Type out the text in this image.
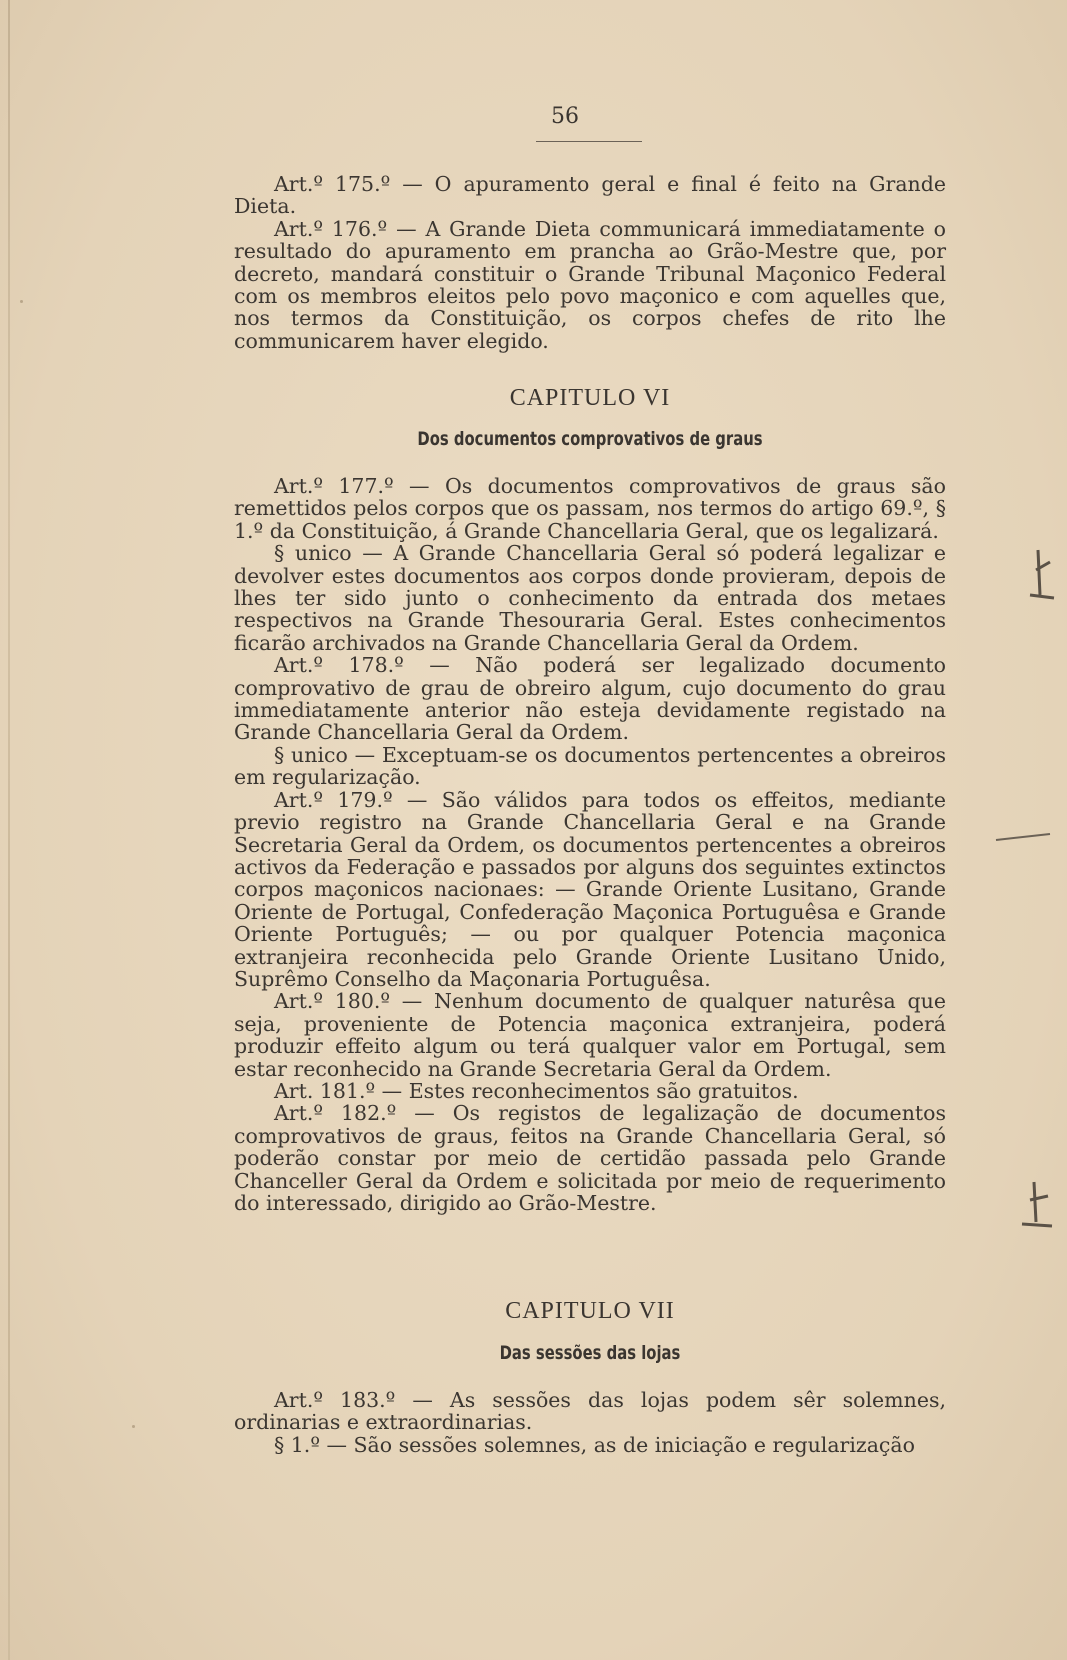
56

Art.º 175.º — O apuramento geral e final é feito na Grande Dieta.

Art.º 176.º — A Grande Dieta communicará immediatamente o resultado do apuramento em prancha ao Grão-Mestre que, por decreto, mandará constituir o Grande Tribunal Maçonico Federal com os membros eleitos pelo povo maçonico e com aquelles que, nos termos da Constituição, os corpos chefes de rito lhe communicarem haver elegido.

CAPITULO VI
Dos documentos comprovativos de graus

Art.º 177.º — Os documentos comprovativos de graus são remettidos pelos corpos que os passam, nos termos do artigo 69.º, § 1.º da Constituição, á Grande Chancellaria Geral, que os legalizará.

§ unico — A Grande Chancellaria Geral só poderá legalizar e devolver estes documentos aos corpos donde provieram, depois de lhes ter sido junto o conhecimento da entrada dos metaes respectivos na Grande Thesouraria Geral. Estes conhecimentos ficarão archivados na Grande Chancellaria Geral da Ordem.

Art.º 178.º — Não poderá ser legalizado documento comprovativo de grau de obreiro algum, cujo documento do grau immediatamente anterior não esteja devidamente registado na Grande Chancellaria Geral da Ordem.

§ unico — Exceptuam-se os documentos pertencentes a obreiros em regularização.

Art.º 179.º — São válidos para todos os effeitos, mediante previo registro na Grande Chancellaria Geral e na Grande Secretaria Geral da Ordem, os documentos pertencentes a obreiros activos da Federação e passados por alguns dos seguintes extinctos corpos maçonicos nacionaes: — Grande Oriente Lusitano, Grande Oriente de Portugal, Confederação Maçonica Portuguêsa e Grande Oriente Português; — ou por qualquer Potencia maçonica extranjeira reconhecida pelo Grande Oriente Lusitano Unido, Suprêmo Conselho da Maçonaria Portuguêsa.

Art.º 180.º — Nenhum documento de qualquer naturêsa que seja, proveniente de Potencia maçonica extranjeira, poderá produzir effeito algum ou terá qualquer valor em Portugal, sem estar reconhecido na Grande Secretaria Geral da Ordem.

Art. 181.º — Estes reconhecimentos são gratuitos.

Art.º 182.º — Os registos de legalização de documentos comprovativos de graus, feitos na Grande Chancellaria Geral, só poderão constar por meio de certidão passada pelo Grande Chanceller Geral da Ordem e solicitada por meio de requerimento do interessado, dirigido ao Grão-Mestre.

CAPITULO VII
Das sessões das lojas

Art.º 183.º — As sessões das lojas podem sêr solemnes, ordinarias e extraordinarias.

§ 1.º — São sessões solemnes, as de iniciação e regularização
